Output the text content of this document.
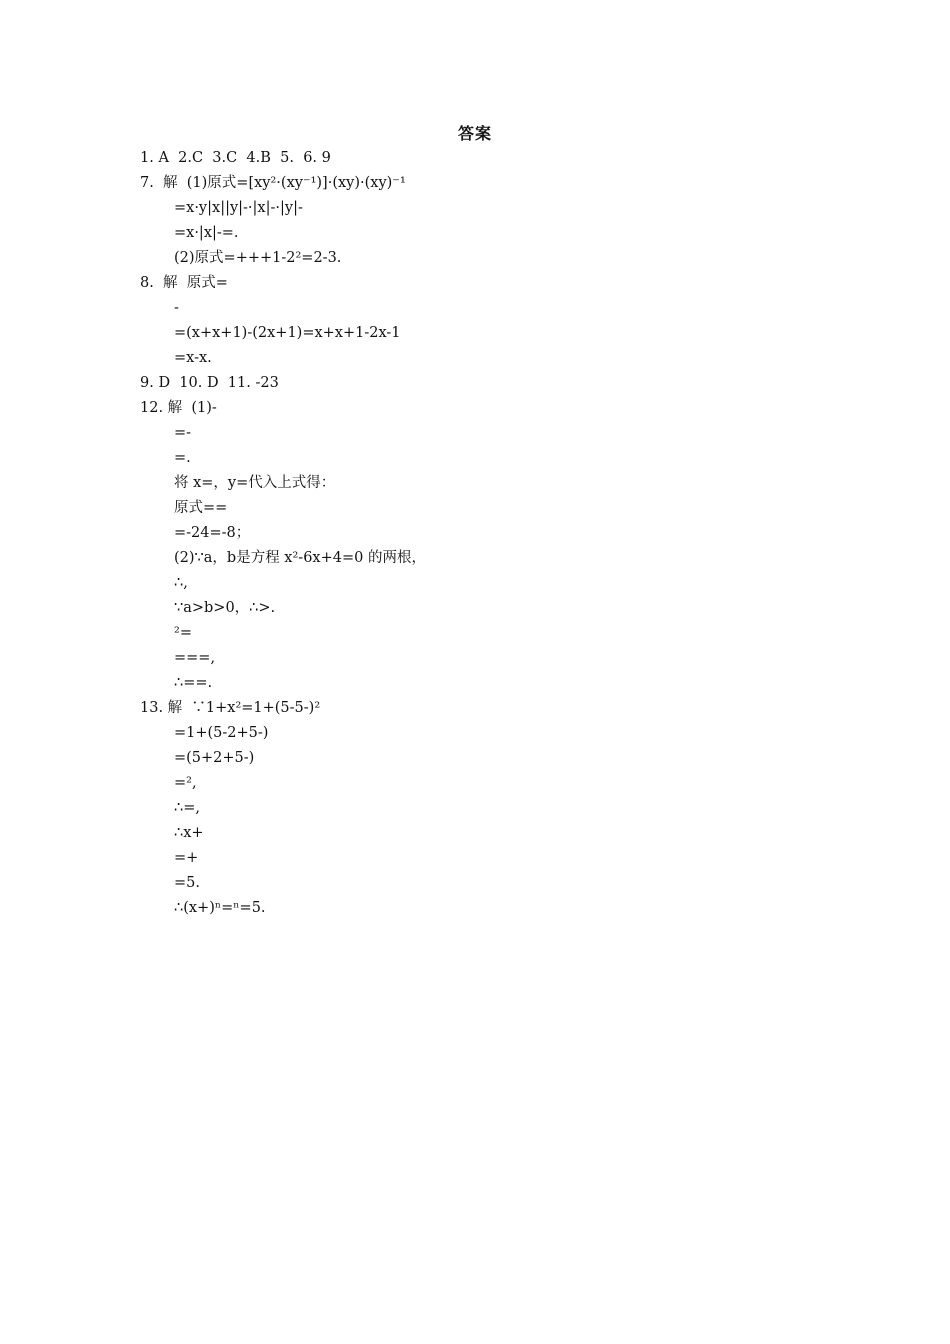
答案
1. A  2.C  3.C  4.B  5.  6. 9
7.  解  (1)原式=[xy²·(xy⁻¹)]·(xy)·(xy)⁻¹
=x·y|x||y|-·|x|-·|y|-
=x·|x|-=.
(2)原式=+++1-2²=2-3.
8.  解  原式=
-
=(x+x+1)-(2x+1)=x+x+1-2x-1
=x-x.
9. D  10. D  11. -23
12. 解  (1)-
=-
=.
将 x=，y=代入上式得：
原式==
=-24=-8；
(2)∵a，b是方程 x²-6x+4=0 的两根，
∴,
∵a>b>0，∴>.
²=
===,
∴==.
13. 解  ∵1+x²=1+(5-5-)²
=1+(5-2+5-)
=(5+2+5-)
=²,
∴=,
∴x+
=+
=5.
∴(x+)ⁿ=ⁿ=5.
